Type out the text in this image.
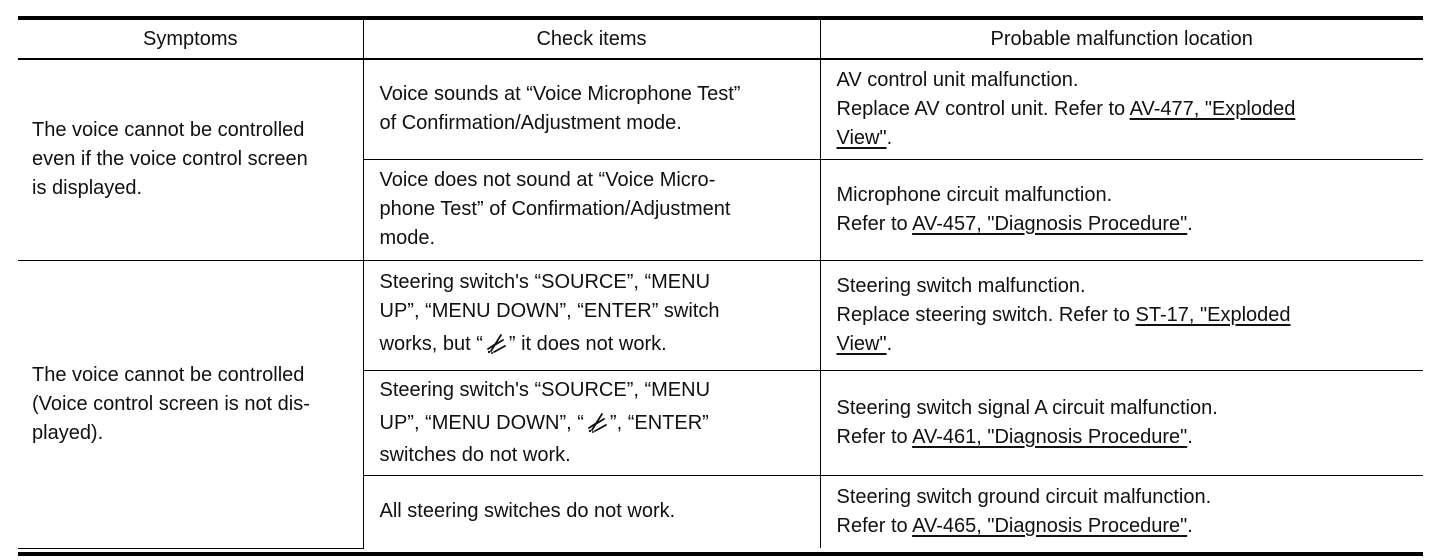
Symptoms	Check items	Probable malfunction location

The voice cannot be controlled
even if the voice control screen
is displayed.	Voice sounds at “Voice Microphone Test”
of Confirmation/Adjustment mode.	AV control unit malfunction.
Replace AV control unit. Refer to AV-477, "Exploded
View".

	Voice does not sound at “Voice Micro-
phone Test” of Confirmation/Adjustment
mode.	Microphone circuit malfunction.
Refer to AV-457, "Diagnosis Procedure".

The voice cannot be controlled
(Voice control screen is not dis-
played).	Steering switch's “SOURCE”, “MENU
UP”, “MENU DOWN”, “ENTER” switch
works, but “ ” it does not work.	Steering switch malfunction.
Replace steering switch. Refer to ST-17, "Exploded
View".

	Steering switch's “SOURCE”, “MENU
UP”, “MENU DOWN”, “ ”, “ENTER”
switches do not work.	Steering switch signal A circuit malfunction.
Refer to AV-461, "Diagnosis Procedure".

	All steering switches do not work.	Steering switch ground circuit malfunction.
Refer to AV-465, "Diagnosis Procedure".
